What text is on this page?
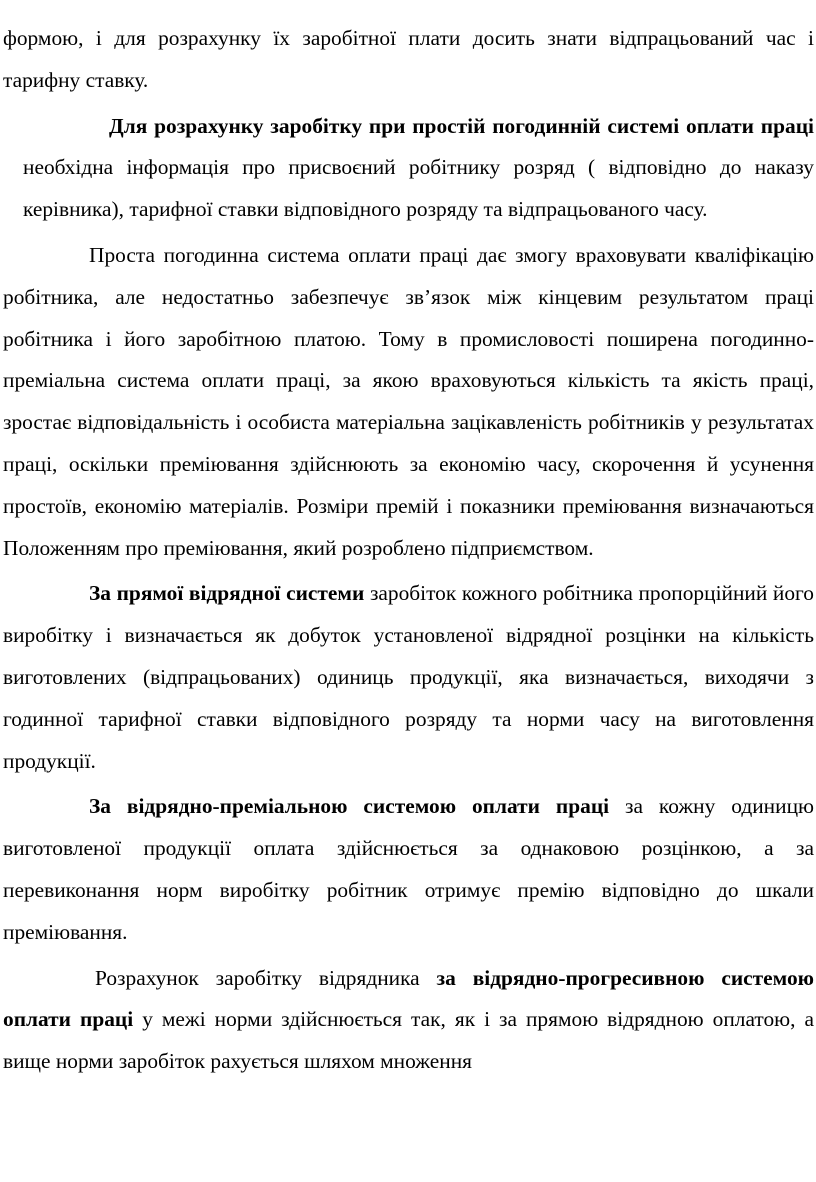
формою, і для розрахунку їх заробітної плати досить знати відпрацьований час і тарифну ставку.

Для розрахунку заробітку при простій погодинній системі оплати праці необхідна інформація про присвоєний робітнику розряд ( відповідно до наказу керівника), тарифної ставки відповідного розряду та відпрацьованого часу.

Проста погодинна система оплати праці дає змогу враховувати кваліфікацію робітника, але недостатньо забезпечує зв’язок між кінцевим результатом праці робітника і його заробітною платою. Тому в промисловості поширена погодинно-преміальна система оплати праці, за якою враховуються кількість та якість праці, зростає відповідальність і особиста матеріальна зацікавленість робітників у результатах праці, оскільки преміювання здійснюють за економію часу, скорочення й усунення простоїв, економію матеріалів. Розміри премій і показники преміювання визначаються Положенням про преміювання, який розроблено підприємством.

За прямої відрядної системи заробіток кожного робітника пропорційний його виробітку і визначається як добуток установленої відрядної розцінки на кількість виготовлених (відпрацьованих) одиниць продукції, яка визначається, виходячи з годинної тарифної ставки відповідного розряду та норми часу на виготовлення продукції.

За відрядно-преміальною системою оплати праці за кожну одиницю виготовленої продукції оплата здійснюється за однаковою розцінкою, а за перевиконання норм виробітку робітник отримує премію відповідно до шкали преміювання.

Розрахунок заробітку відрядника за відрядно-прогресивною системою оплати праці у межі норми здійснюється так, як і за прямою відрядною оплатою, а вище норми заробіток рахується шляхом множення
